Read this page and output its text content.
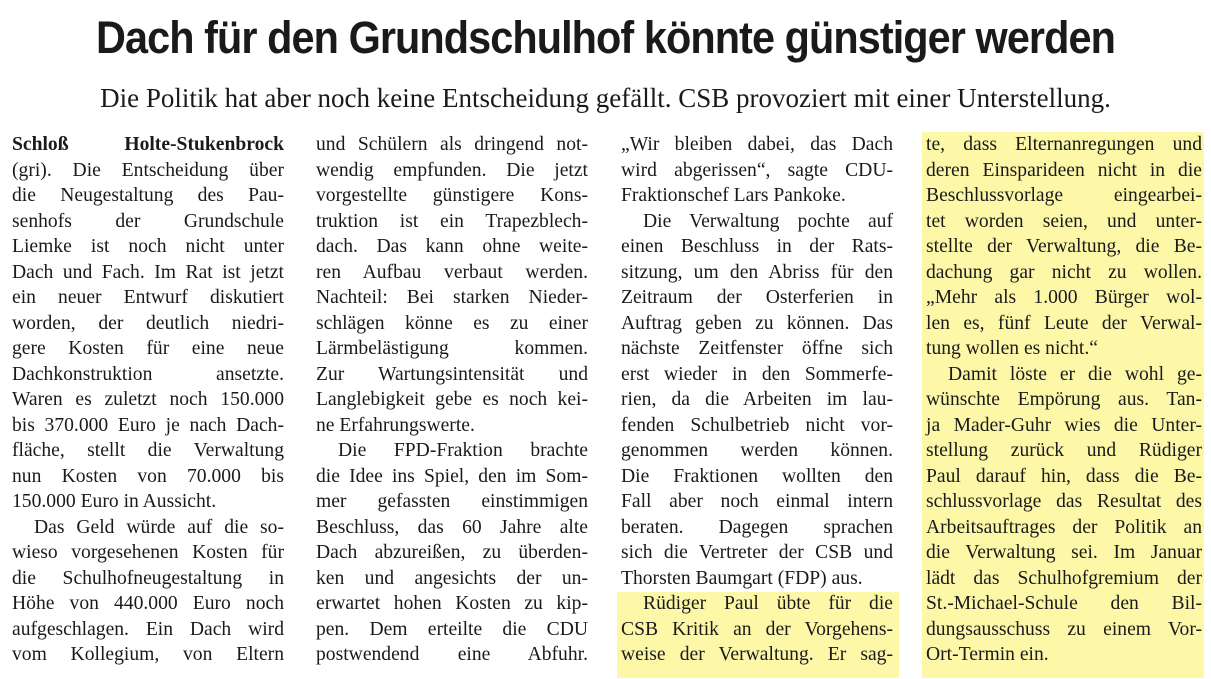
Dach für den Grundschulhof könnte günstiger werden
Die Politik hat aber noch keine Entscheidung gefällt. CSB provoziert mit einer Unterstellung.
Schloß Holte-Stukenbrock
(gri). Die Entscheidung über
die Neugestaltung des Pau-
senhofs der Grundschule
Liemke ist noch nicht unter
Dach und Fach. Im Rat ist jetzt
ein neuer Entwurf diskutiert
worden, der deutlich niedri-
gere Kosten für eine neue
Dachkonstruktion ansetzte.
Waren es zuletzt noch 150.000
bis 370.000 Euro je nach Dach-
fläche, stellt die Verwaltung
nun Kosten von 70.000 bis
150.000 Euro in Aussicht.
Das Geld würde auf die so-
wieso vorgesehenen Kosten für
die Schulhofneugestaltung in
Höhe von 440.000 Euro noch
aufgeschlagen. Ein Dach wird
vom Kollegium, von Eltern
und Schülern als dringend not-
wendig empfunden. Die jetzt
vorgestellte günstigere Kons-
truktion ist ein Trapezblech-
dach. Das kann ohne weite-
ren Aufbau verbaut werden.
Nachteil: Bei starken Nieder-
schlägen könne es zu einer
Lärmbelästigung kommen.
Zur Wartungsintensität und
Langlebigkeit gebe es noch kei-
ne Erfahrungswerte.
Die FPD-Fraktion brachte
die Idee ins Spiel, den im Som-
mer gefassten einstimmigen
Beschluss, das 60 Jahre alte
Dach abzureißen, zu überden-
ken und angesichts der un-
erwartet hohen Kosten zu kip-
pen. Dem erteilte die CDU
postwendend eine Abfuhr.
„Wir bleiben dabei, das Dach
wird abgerissen“, sagte CDU-
Fraktionschef Lars Pankoke.
Die Verwaltung pochte auf
einen Beschluss in der Rats-
sitzung, um den Abriss für den
Zeitraum der Osterferien in
Auftrag geben zu können. Das
nächste Zeitfenster öffne sich
erst wieder in den Sommerfe-
rien, da die Arbeiten im lau-
fenden Schulbetrieb nicht vor-
genommen werden können.
Die Fraktionen wollten den
Fall aber noch einmal intern
beraten. Dagegen sprachen
sich die Vertreter der CSB und
Thorsten Baumgart (FDP) aus.
Rüdiger Paul übte für die
CSB Kritik an der Vorgehens-
weise der Verwaltung. Er sag-
te, dass Elternanregungen und
deren Einsparideen nicht in die
Beschlussvorlage eingearbei-
tet worden seien, und unter-
stellte der Verwaltung, die Be-
dachung gar nicht zu wollen.
„Mehr als 1.000 Bürger wol-
len es, fünf Leute der Verwal-
tung wollen es nicht.“
Damit löste er die wohl ge-
wünschte Empörung aus. Tan-
ja Mader-Guhr wies die Unter-
stellung zurück und Rüdiger
Paul darauf hin, dass die Be-
schlussvorlage das Resultat des
Arbeitsauftrages der Politik an
die Verwaltung sei. Im Januar
lädt das Schulhofgremium der
St.-Michael-Schule den Bil-
dungsausschuss zu einem Vor-
Ort-Termin ein.
